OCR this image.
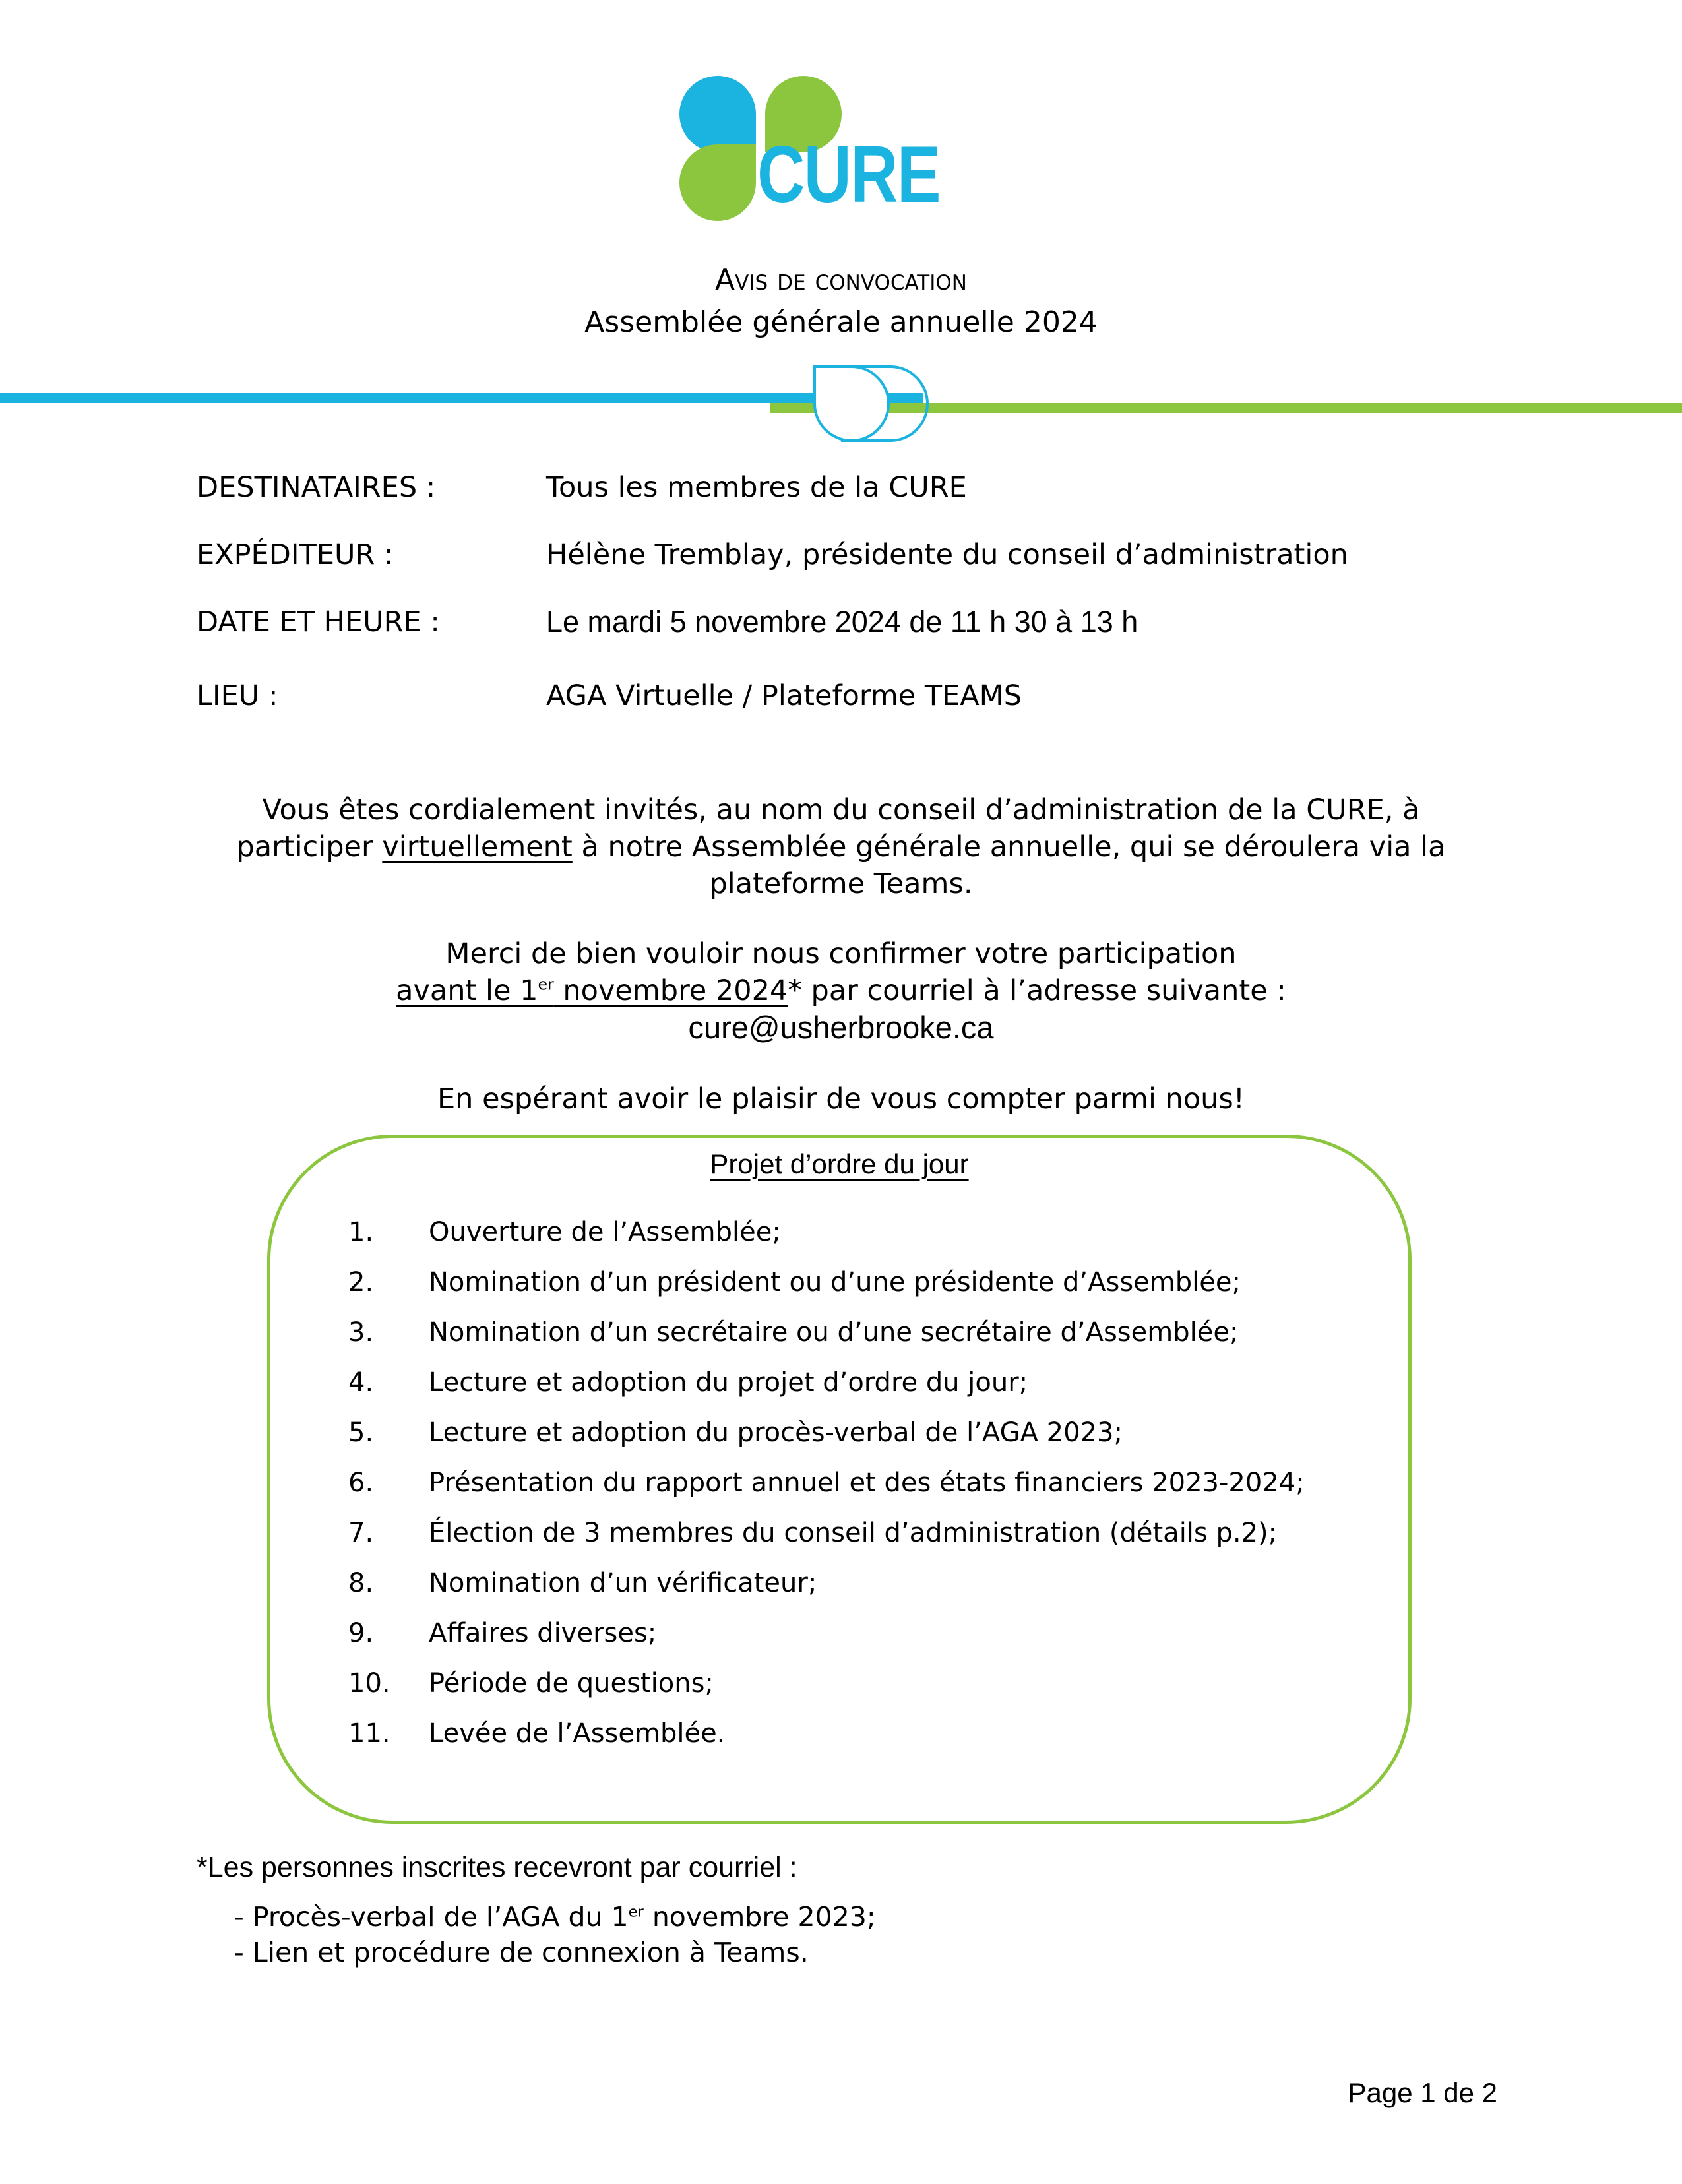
CURE
Avis de convocation
Assemblée générale annuelle 2024
DESTINATAIRES :	Tous les membres de la CURE
EXPÉDITEUR :	Hélène Tremblay, présidente du conseil d’administration
DATE ET HEURE :	Le mardi 5 novembre 2024 de 11 h 30 à 13 h
LIEU :	AGA Virtuelle / Plateforme TEAMS
Vous êtes cordialement invités, au nom du conseil d’administration de la CURE, à
participer virtuellement à notre Assemblée générale annuelle, qui se déroulera via la
plateforme Teams.
Merci de bien vouloir nous confirmer votre participation
avant le 1er novembre 2024* par courriel à l’adresse suivante :
cure@usherbrooke.ca
En espérant avoir le plaisir de vous compter parmi nous!
Projet d’ordre du jour
1. Ouverture de l’Assemblée;
2. Nomination d’un président ou d’une présidente d’Assemblée;
3. Nomination d’un secrétaire ou d’une secrétaire d’Assemblée;
4. Lecture et adoption du projet d’ordre du jour;
5. Lecture et adoption du procès-verbal de l’AGA 2023;
6. Présentation du rapport annuel et des états financiers 2023-2024;
7. Élection de 3 membres du conseil d’administration (détails p.2);
8. Nomination d’un vérificateur;
9. Affaires diverses;
10. Période de questions;
11. Levée de l’Assemblée.
*Les personnes inscrites recevront par courriel :
- Procès-verbal de l’AGA du 1er novembre 2023;
- Lien et procédure de connexion à Teams.
Page 1 de 2
